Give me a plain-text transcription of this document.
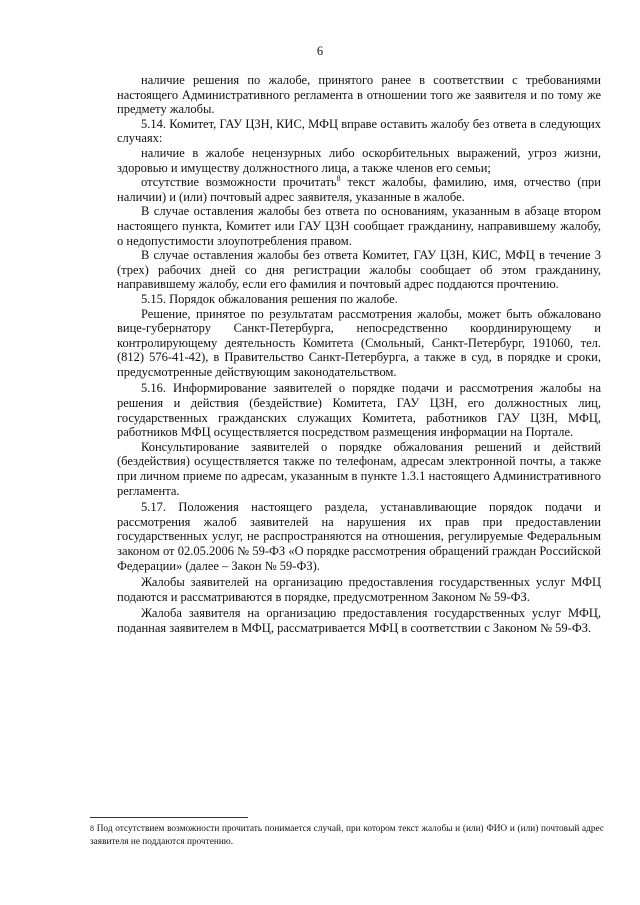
6

наличие решения по жалобе, принятого ранее в соответствии с требованиями настоящего Административного регламента в отношении того же заявителя и по тому же предмету жалобы.

5.14. Комитет, ГАУ ЦЗН, КИС, МФЦ вправе оставить жалобу без ответа в следующих случаях:

наличие в жалобе нецензурных либо оскорбительных выражений, угроз жизни, здоровью и имуществу должностного лица, а также членов его семьи;

отсутствие возможности прочитать$^8$ текст жалобы, фамилию, имя, отчество (при наличии) и (или) почтовый адрес заявителя, указанные в жалобе.

В случае оставления жалобы без ответа по основаниям, указанным в абзаце втором настоящего пункта, Комитет или ГАУ ЦЗН сообщает гражданину, направившему жалобу, о недопустимости злоупотребления правом.

В случае оставления жалобы без ответа Комитет, ГАУ ЦЗН, КИС, МФЦ в течение 3 (трех) рабочих дней со дня регистрации жалобы сообщает об этом гражданину, направившему жалобу, если его фамилия и почтовый адрес поддаются прочтению.

5.15. Порядок обжалования решения по жалобе.

Решение, принятое по результатам рассмотрения жалобы, может быть обжаловано вице-губернатору Санкт-Петербурга, непосредственно координирующему и контролирующему деятельность Комитета (Смольный, Санкт-Петербург, 191060, тел. (812) 576-41-42), в Правительство Санкт-Петербурга, а также в суд, в порядке и сроки, предусмотренные действующим законодательством.

5.16. Информирование заявителей о порядке подачи и рассмотрения жалобы на решения и действия (бездействие) Комитета, ГАУ ЦЗН, его должностных лиц, государственных гражданских служащих Комитета, работников ГАУ ЦЗН, МФЦ, работников МФЦ осуществляется посредством размещения информации на Портале.

Консультирование заявителей о порядке обжалования решений и действий (бездействия) осуществляется также по телефонам, адресам электронной почты, а также при личном приеме по адресам, указанным в пункте 1.3.1 настоящего Административного регламента.

5.17. Положения настоящего раздела, устанавливающие порядок подачи и рассмотрения жалоб заявителей на нарушения их прав при предоставлении государственных услуг, не распространяются на отношения, регулируемые Федеральным законом от 02.05.2006 № 59-ФЗ «О порядке рассмотрения обращений граждан Российской Федерации» (далее – Закон № 59-ФЗ).

Жалобы заявителей на организацию предоставления государственных услуг МФЦ подаются и рассматриваются в порядке, предусмотренном Законом № 59-ФЗ.

Жалоба заявителя на организацию предоставления государственных услуг МФЦ, поданная заявителем в МФЦ, рассматривается МФЦ в соответствии с Законом № 59-ФЗ.

8 Под отсутствием возможности прочитать понимается случай, при котором текст жалобы и (или) ФИО и (или) почтовый адрес заявителя не поддаются прочтению.
